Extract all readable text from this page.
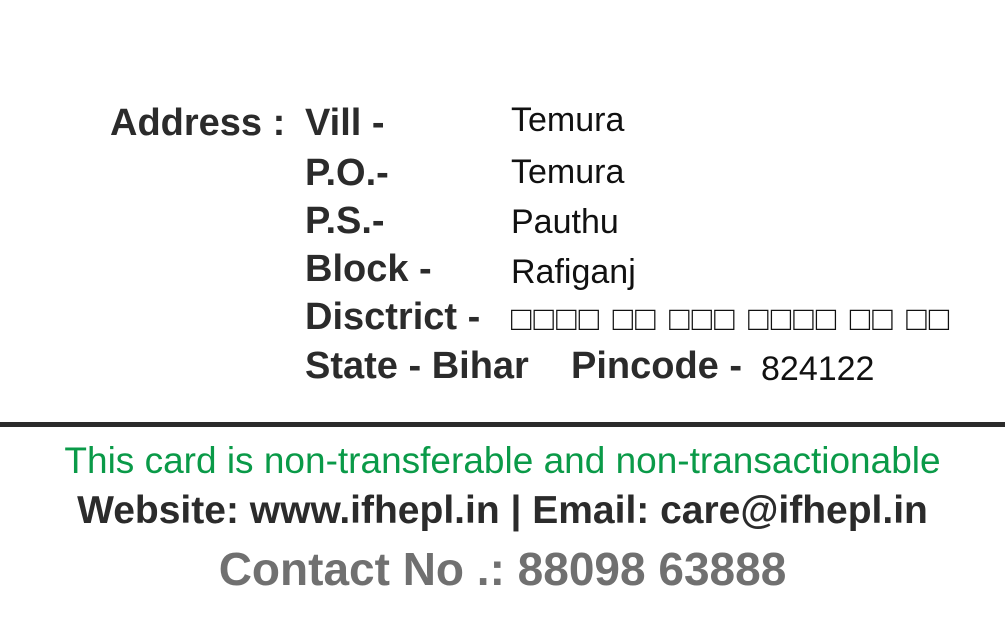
Address : Vill -	Temura
P.O.-	Temura
P.S.-	Pauthu
Block - Rafiganj
Disctrict - □□□□ □□ □□□ □□□□ □□ □□
State - Bihar Pincode - 824122
This card is non-transferable and non-transactionable
Website: www.ifhepl.in | Email: care@ifhepl.in
Contact No .: 88098 63888
